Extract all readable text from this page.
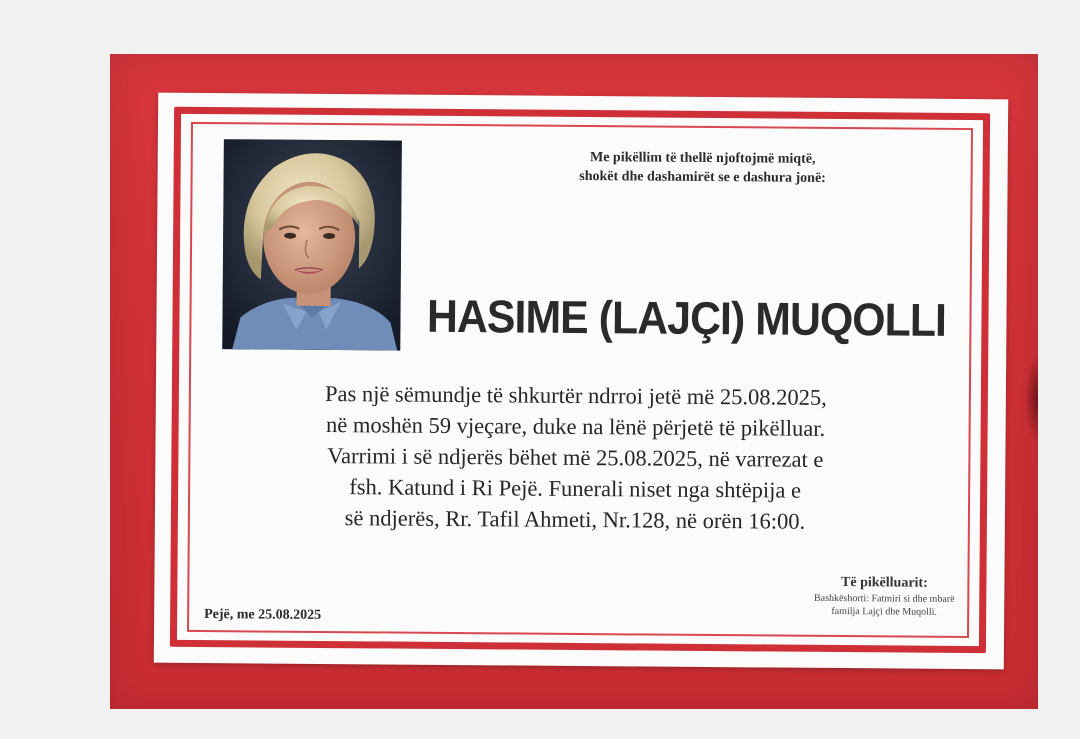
Me pikëllim të thellë njoftojmë miqtë,
shokët dhe dashamirët se e dashura jonë:
HASIME (LAJÇI) MUQOLLI
Pas një sëmundje të shkurtër ndrroi jetë më 25.08.2025,
në moshën 59 vjeçare, duke na lënë përjetë të pikëlluar.
Varrimi i së ndjerës bëhet më 25.08.2025, në varrezat e
fsh. Katund i Ri Pejë. Funerali niset nga shtëpija e
së ndjerës, Rr. Tafil Ahmeti, Nr.128, në orën 16:00.
Pejë, me 25.08.2025
Të pikëlluarit:
Bashkëshorti: Fatmiri si dhe mbarë
familja Lajçi dhe Muqolli.
